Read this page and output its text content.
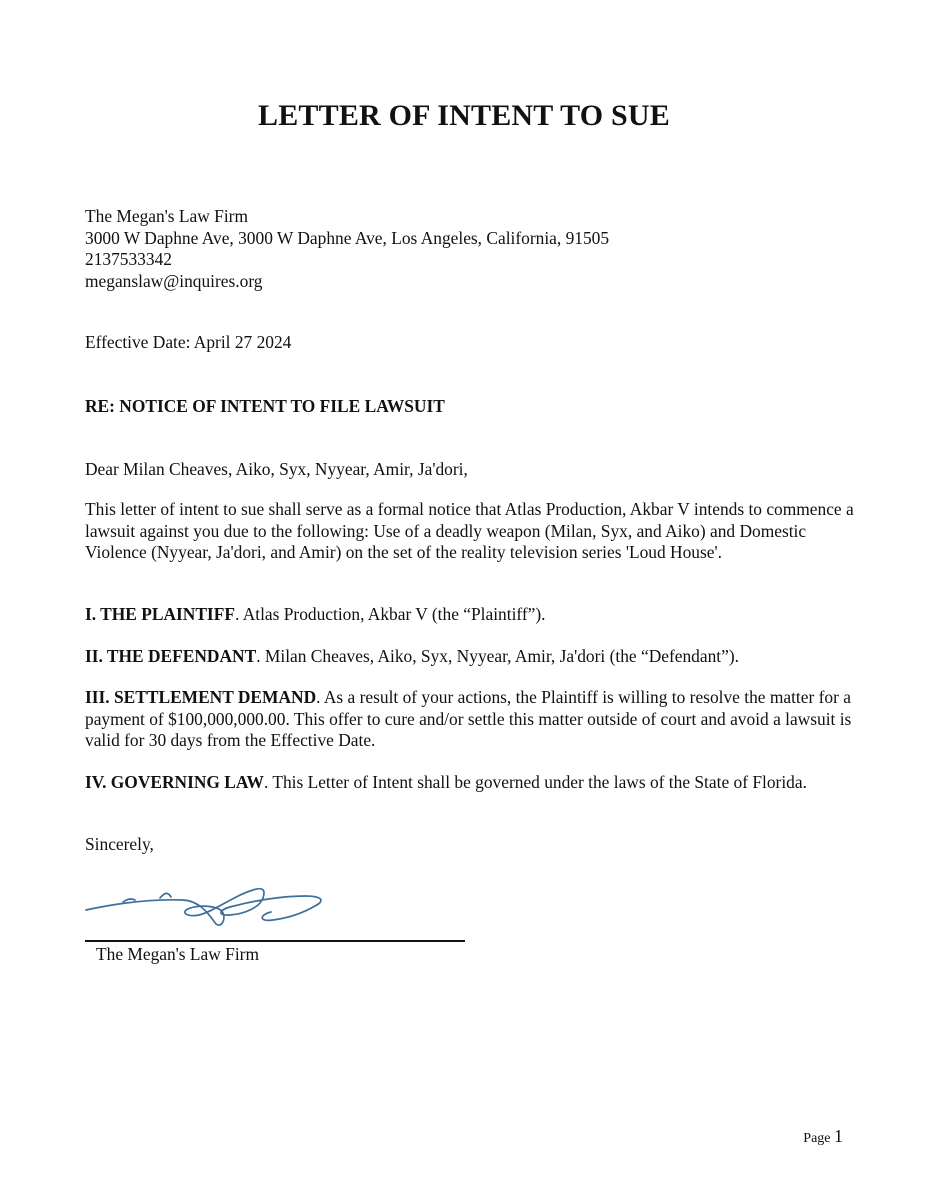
LETTER OF INTENT TO SUE

The Megan's Law Firm

3000 W Daphne Ave, 3000 W Daphne Ave, Los Angeles, California, 91505

2137533342

meganslaw@inquires.org

Effective Date: April 27 2024
RE: NOTICE OF INTENT TO FILE LAWSUIT
Dear Milan Cheaves, Aiko, Syx, Nyyear, Amir, Ja'dori,
This letter of intent to sue shall serve as a formal notice that Atlas Production, Akbar V intends to commence a lawsuit against you due to the following: Use of a deadly weapon (Milan, Syx, and Aiko) and Domestic Violence (Nyyear, Ja'dori, and Amir) on the set of the reality television series 'Loud House'.
I. THE PLAINTIFF. Atlas Production, Akbar V (the “Plaintiff”).
II. THE DEFENDANT. Milan Cheaves, Aiko, Syx, Nyyear, Amir, Ja'dori (the “Defendant”).
III. SETTLEMENT DEMAND. As a result of your actions, the Plaintiff is willing to resolve the matter for a payment of $100,000,000.00. This offer to cure and/or settle this matter outside of court and avoid a lawsuit is valid for 30 days from the Effective Date.
IV. GOVERNING LAW. This Letter of Intent shall be governed under the laws of the State of Florida.
Sincerely,
The Megan's Law Firm
Page 1
